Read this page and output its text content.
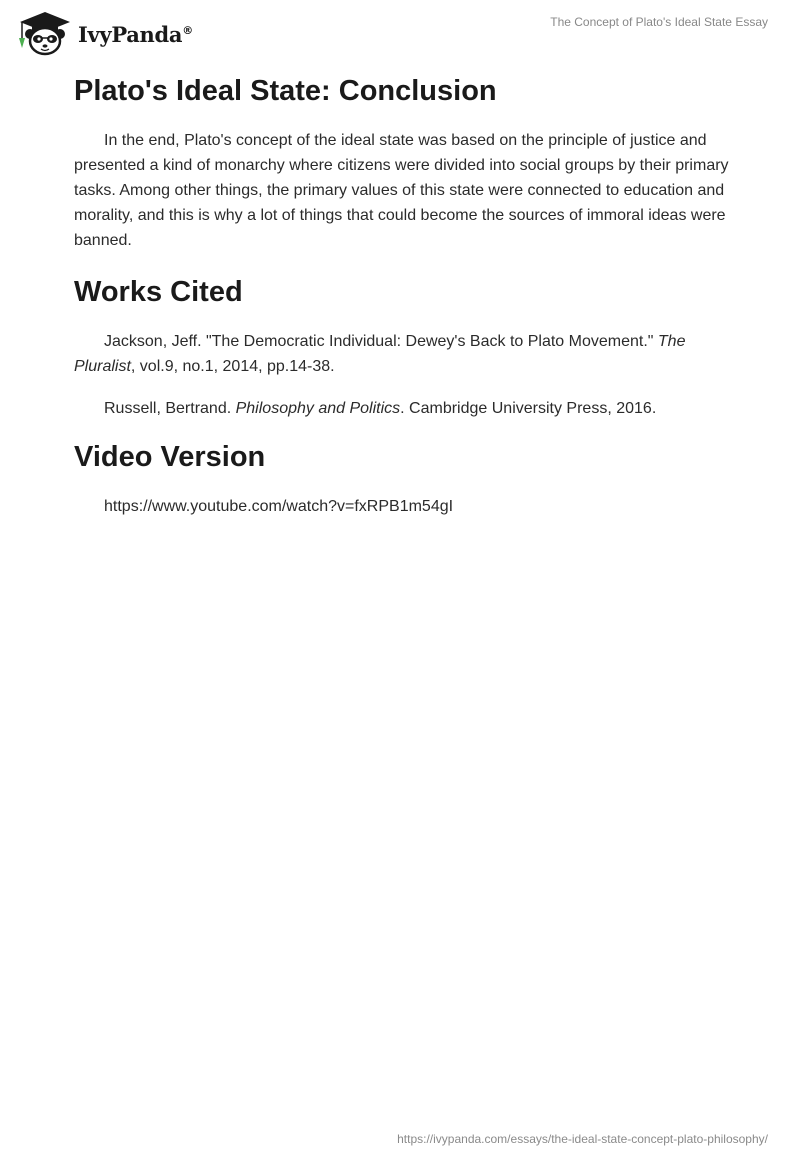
IvyPanda®
The Concept of Plato's Ideal State Essay
Plato's Ideal State: Conclusion

In the end, Plato's concept of the ideal state was based on the principle of justice and presented a kind of monarchy where citizens were divided into social groups by their primary tasks. Among other things, the primary values of this state were connected to education and morality, and this is why a lot of things that could become the sources of immoral ideas were banned.

Works Cited

Jackson, Jeff. "The Democratic Individual: Dewey's Back to Plato Movement." The Pluralist, vol.9, no.1, 2014, pp.14-38.

Russell, Bertrand. Philosophy and Politics. Cambridge University Press, 2016.

Video Version

https://www.youtube.com/watch?v=fxRPB1m54gI

https://ivypanda.com/essays/the-ideal-state-concept-plato-philosophy/
